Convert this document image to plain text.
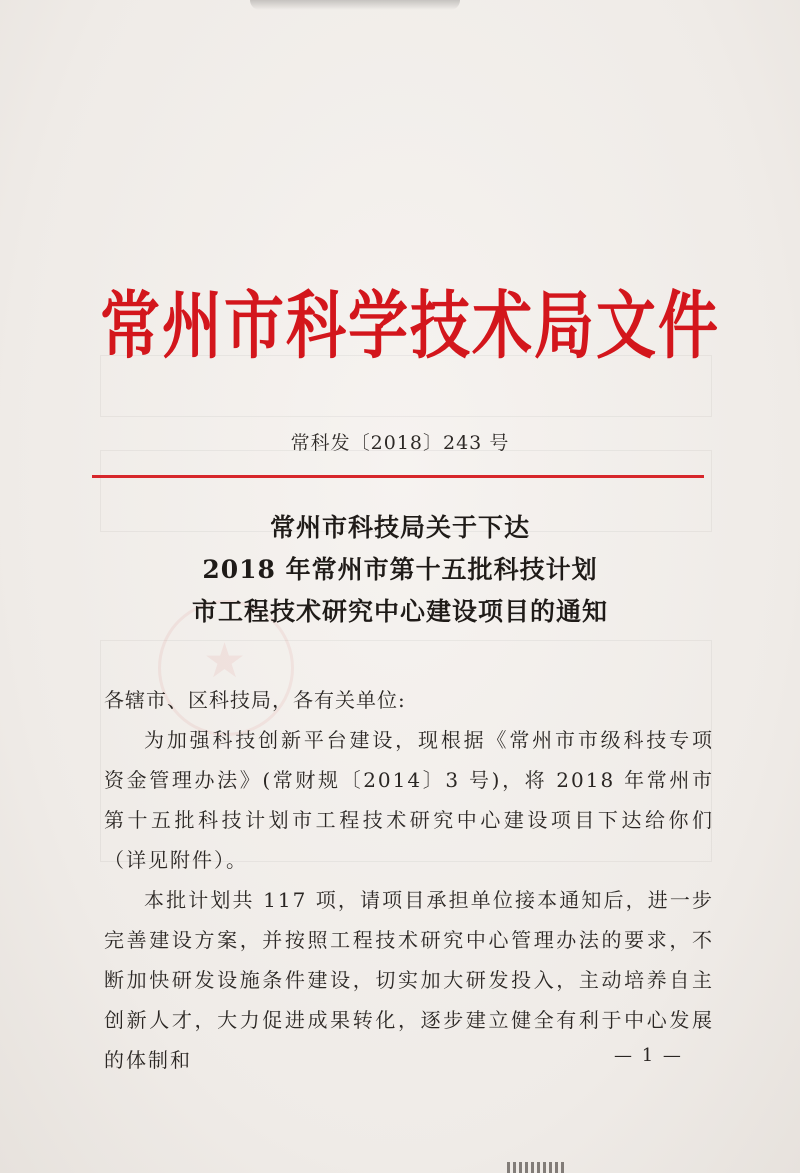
★
常州市科学技术局文件
常科发〔2018〕243 号
常州市科技局关于下达
2018 年常州市第十五批科技计划
市工程技术研究中心建设项目的通知
各辖市、区科技局，各有关单位:
为加强科技创新平台建设，现根据《常州市市级科技专项资金管理办法》(常财规〔2014〕3 号)，将 2018 年常州市第十五批科技计划市工程技术研究中心建设项目下达给你们（详见附件）。
本批计划共 117 项，请项目承担单位接本通知后，进一步完善建设方案，并按照工程技术研究中心管理办法的要求，不断加快研发设施条件建设，切实加大研发投入，主动培养自主创新人才，大力促进成果转化，逐步建立健全有利于中心发展的体制和	— 1 —
